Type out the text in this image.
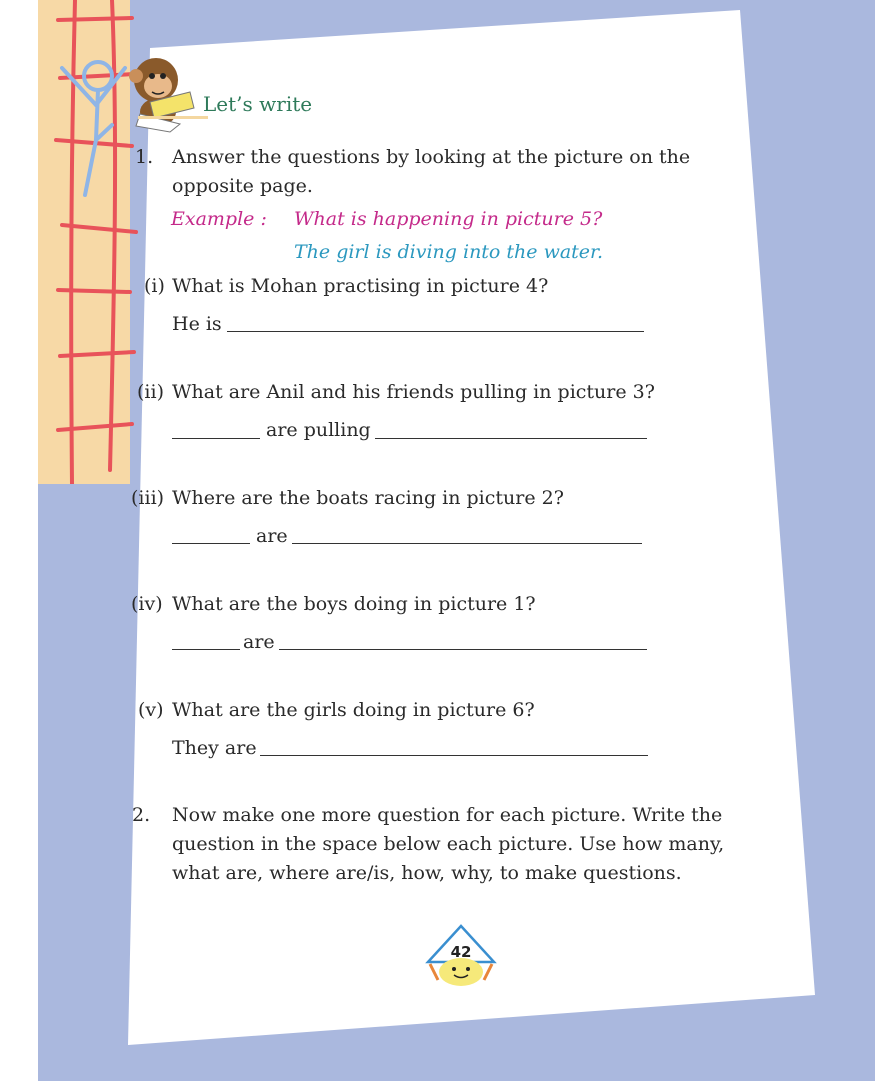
Let’s write
1. Answer the questions by looking at the picture on the
opposite page.
Example : What is happening in picture 5?
The girl is diving into the water.
(i) What is Mohan practising in picture 4?
He is
(ii) What are Anil and his friends pulling in picture 3?
are pulling
(iii) Where are the boats racing in picture 2?
are
(iv) What are the boys doing in picture 1?
are
(v) What are the girls doing in picture 6?
They are
2. Now make one more question for each picture. Write the
question in the space below each picture. Use how many,
what are, where are/is, how, why, to make questions.
42
